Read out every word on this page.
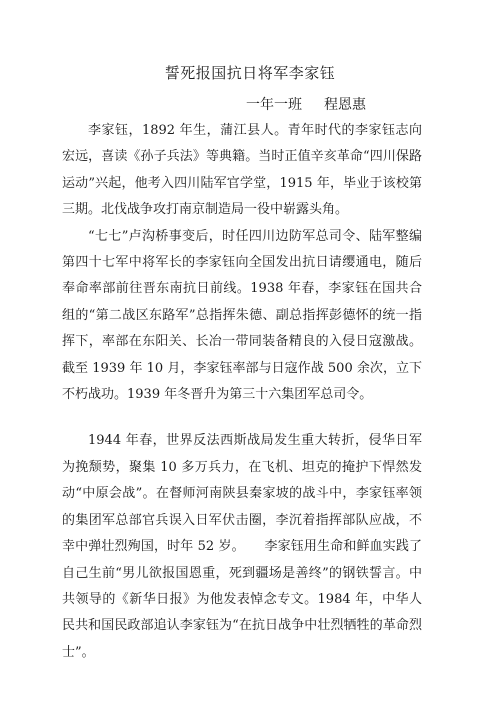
誓死报国抗日将军李家钰
一年一班 程恩惠

李家钰，1892 年生，蒲江县人。青年时代的李家钰志向宏远，喜读《孙子兵法》等典籍。当时正值辛亥革命“四川保路运动”兴起，他考入四川陆军官学堂，1915 年，毕业于该校第三期。北伐战争攻打南京制造局一役中崭露头角。

“七七”卢沟桥事变后，时任四川边防军总司令、陆军整编第四十七军中将军长的李家钰向全国发出抗日请缨通电，随后奉命率部前往晋东南抗日前线。1938 年春，李家钰在国共合组的“第二战区东路军”总指挥朱德、副总指挥彭德怀的统一指挥下，率部在东阳关、长冶一带同装备精良的入侵日寇激战。截至 1939 年 10 月，李家钰率部与日寇作战 500 余次，立下不朽战功。1939 年冬晋升为第三十六集团军总司令。

1944 年春，世界反法西斯战局发生重大转折，侵华日军为挽颓势，聚集 10 多万兵力，在飞机、坦克的掩护下悍然发动“中原会战”。在督师河南陕县秦家坡的战斗中，李家钰率领的集团军总部官兵误入日军伏击圈，李沉着指挥部队应战，不幸中弹壮烈殉国，时年 52 岁。　　李家钰用生命和鲜血实践了自己生前“男儿欲报国恩重，死到疆场是善终”的钢铁誓言。中共领导的《新华日报》为他发表悼念专文。1984 年，中华人民共和国民政部追认李家钰为“在抗日战争中壮烈牺牲的革命烈士”。
